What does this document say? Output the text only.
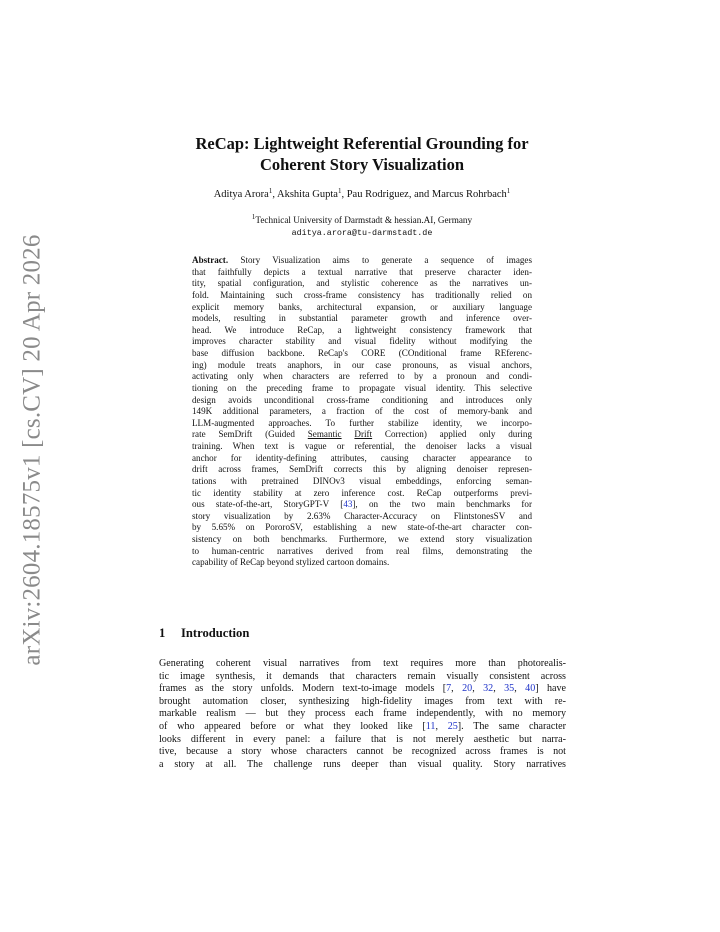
arXiv:2604.18575v1 [cs.CV] 20 Apr 2026
ReCap: Lightweight Referential Grounding for
Coherent Story Visualization
Aditya Arora$^1$, Akshita Gupta$^1$, Pau Rodriguez, and Marcus Rohrbach$^1$
$^1$Technical University of Darmstadt & hessian.AI, Germany
aditya.arora@tu-darmstadt.de
Abstract. Story Visualization aims to generate a sequence of images
that faithfully depicts a textual narrative that preserve character iden-
tity, spatial configuration, and stylistic coherence as the narratives un-
fold. Maintaining such cross-frame consistency has traditionally relied on
explicit memory banks, architectural expansion, or auxiliary language
models, resulting in substantial parameter growth and inference over-
head. We introduce ReCap, a lightweight consistency framework that
improves character stability and visual fidelity without modifying the
base diffusion backbone. ReCap's CORE (COnditional frame REferenc-
ing) module treats anaphors, in our case pronouns, as visual anchors,
activating only when characters are referred to by a pronoun and condi-
tioning on the preceding frame to propagate visual identity. This selective
design avoids unconditional cross-frame conditioning and introduces only
149K additional parameters, a fraction of the cost of memory-bank and
LLM-augmented approaches. To further stabilize identity, we incorpo-
rate SemDrift (Guided Semantic Drift Correction) applied only during
training. When text is vague or referential, the denoiser lacks a visual
anchor for identity-defining attributes, causing character appearance to
drift across frames, SemDrift corrects this by aligning denoiser represen-
tations with pretrained DINOv3 visual embeddings, enforcing seman-
tic identity stability at zero inference cost. ReCap outperforms previ-
ous state-of-the-art, StoryGPT-V [43], on the two main benchmarks for
story visualization by 2.63% Character-Accuracy on FlintstonesSV and
by 5.65% on PororoSV, establishing a new state-of-the-art character con-
sistency on both benchmarks. Furthermore, we extend story visualization
to human-centric narratives derived from real films, demonstrating the
capability of ReCap beyond stylized cartoon domains.
1 Introduction
Generating coherent visual narratives from text requires more than photorealis-
tic image synthesis, it demands that characters remain visually consistent across
frames as the story unfolds. Modern text-to-image models [7, 20, 32, 35, 40] have
brought automation closer, synthesizing high-fidelity images from text with re-
markable realism — but they process each frame independently, with no memory
of who appeared before or what they looked like [11, 25]. The same character
looks different in every panel: a failure that is not merely aesthetic but narra-
tive, because a story whose characters cannot be recognized across frames is not
a story at all. The challenge runs deeper than visual quality. Story narratives
